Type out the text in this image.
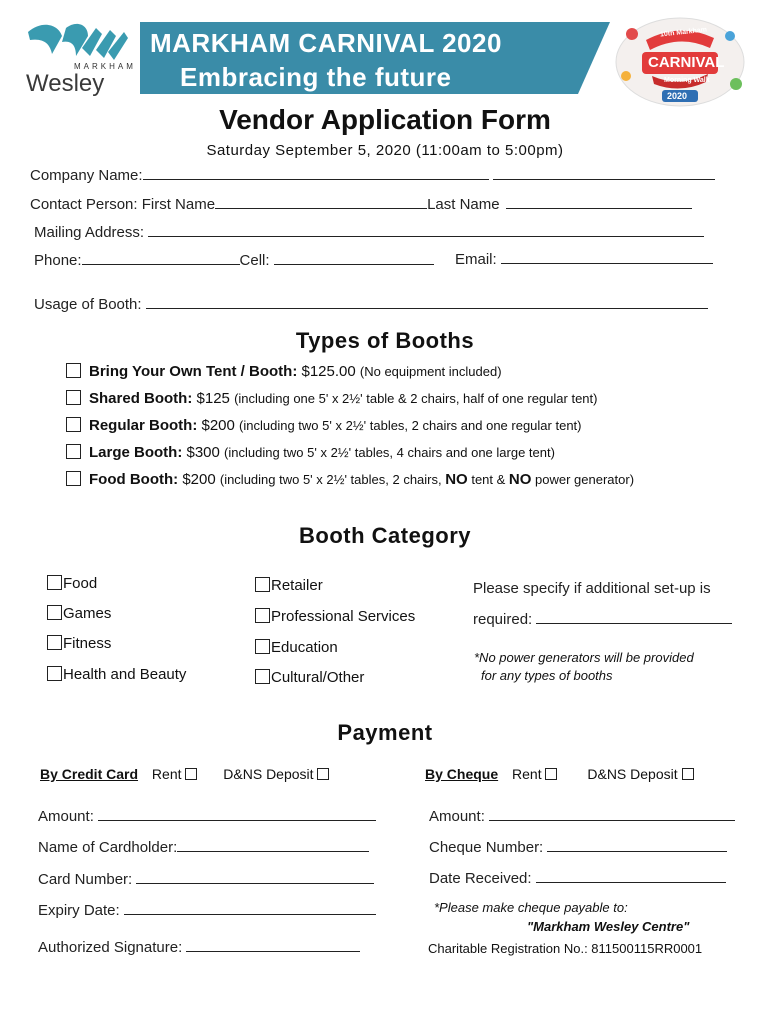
MARKHAM
Wesley
MARKHAM CARNIVAL 2020
Embracing the future
10th Markham
CARNIVAL
Morning Walk
2020
Vendor Application Form
Saturday September 5, 2020 (11:00am to 5:00pm)
Company Name:
Contact Person: First Name	Last Name
Mailing Address:
Phone:	Cell:	Email:
Usage of Booth:
Types of Booths
Bring Your Own Tent / Booth: $125.00 (No equipment included)
Shared Booth: $125 (including one 5' x 2½' table & 2 chairs, half of one regular tent)
Regular Booth: $200 (including two 5' x 2½' tables, 2 chairs and one regular tent)
Large Booth: $300 (including two 5' x 2½' tables, 4 chairs and one large tent)
Food Booth: $200 (including two 5' x 2½' tables, 2 chairs, NO tent & NO power generator)
Booth Category
Food
Games
Fitness
Health and Beauty
Retailer
Professional Services
Education
Cultural/Other
Please specify if additional set-up is
required:
*No power generators will be provided
for any types of booths
Payment
By Credit Card Rent	D&NS Deposit	By Cheque Rent	D&NS Deposit
Amount:
Name of Cardholder:
Card Number:
Expiry Date:
Authorized Signature:
Amount:
Cheque Number:
Date Received:
*Please make cheque payable to:
"Markham Wesley Centre"
Charitable Registration No.: 811500115RR0001
